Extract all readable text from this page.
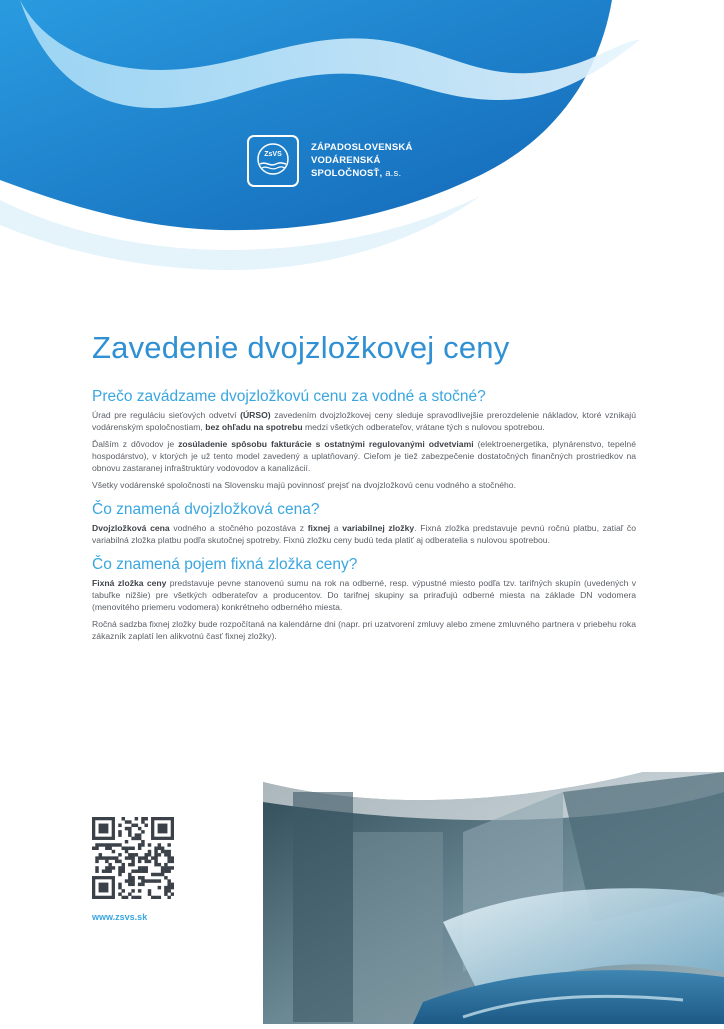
ZsVS
ZÁPADOSLOVENSKÁ
VODÁRENSKÁ
SPOLOČNOSŤ, a.s.
Zavedenie dvojzložkovej ceny
Prečo zavádzame dvojzložkovú cenu za vodné a stočné?

Úrad pre reguláciu sieťových odvetví (ÚRSO) zavedením dvojzložkovej ceny sleduje spravodlivejšie prerozdelenie nákladov, ktoré vznikajú vodárenským spoločnostiam, bez ohľadu na spotrebu medzi všetkých odberateľov, vrátane tých s nulovou spotrebou.

Ďalším z dôvodov je zosúladenie spôsobu fakturácie s ostatnými regulovanými odvetviami (elektroenergetika, plynárenstvo, tepelné hospodárstvo), v ktorých je už tento model zavedený a uplatňovaný. Cieľom je tiež zabezpečenie dostatočných finančných prostriedkov na obnovu zastaranej infraštruktúry vodovodov a kanalizácií.

Všetky vodárenské spoločnosti na Slovensku majú povinnosť prejsť na dvojzložkovú cenu vodného a stočného.

Čo znamená dvojzložková cena?

Dvojzložková cena vodného a stočného pozostáva z fixnej a variabilnej zložky. Fixná zložka predstavuje pevnú ročnú platbu, zatiaľ čo variabilná zložka platbu podľa skutočnej spotreby. Fixnú zložku ceny budú teda platiť aj odberatelia s nulovou spotrebou.

Čo znamená pojem fixná zložka ceny?

Fixná zložka ceny predstavuje pevne stanovenú sumu na rok na odberné, resp. výpustné miesto podľa tzv. tarifných skupín (uvedených v tabuľke nižšie) pre všetkých odberateľov a producentov. Do tarifnej skupiny sa priraďujú odberné miesta na základe DN vodomera (menovitého priemeru vodomera) konkrétneho odberného miesta.

Ročná sadzba fixnej zložky bude rozpočítaná na kalendárne dni (napr. pri uzatvorení zmluvy alebo zmene zmluvného partnera v priebehu roka zákazník zaplatí len alikvotnú časť fixnej zložky).

www.zsvs.sk
